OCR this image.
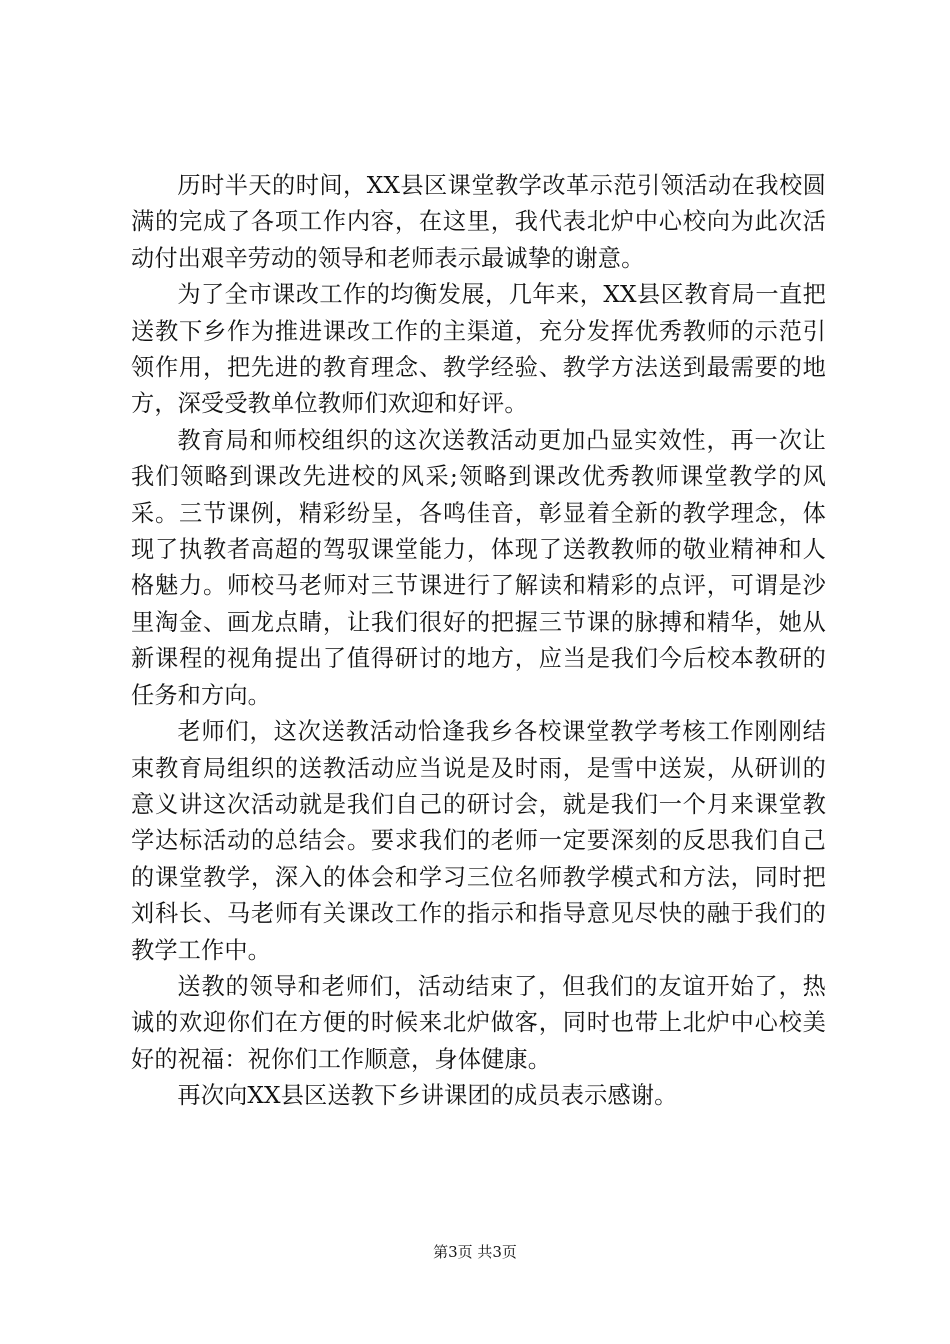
历时半天的时间，XX县区课堂教学改革示范引领活动在我校圆满的完成了各项工作内容，在这里，我代表北炉中心校向为此次活动付出艰辛劳动的领导和老师表示最诚挚的谢意。

为了全市课改工作的均衡发展，几年来，XX县区教育局一直把送教下乡作为推进课改工作的主渠道，充分发挥优秀教师的示范引领作用，把先进的教育理念、教学经验、教学方法送到最需要的地方，深受受教单位教师们欢迎和好评。

教育局和师校组织的这次送教活动更加凸显实效性，再一次让我们领略到课改先进校的风采;领略到课改优秀教师课堂教学的风采。三节课例，精彩纷呈，各鸣佳音，彰显着全新的教学理念，体现了执教者高超的驾驭课堂能力，体现了送教教师的敬业精神和人格魅力。师校马老师对三节课进行了解读和精彩的点评，可谓是沙里淘金、画龙点睛，让我们很好的把握三节课的脉搏和精华，她从新课程的视角提出了值得研讨的地方，应当是我们今后校本教研的任务和方向。

老师们，这次送教活动恰逢我乡各校课堂教学考核工作刚刚结束教育局组织的送教活动应当说是及时雨，是雪中送炭，从研训的意义讲这次活动就是我们自己的研讨会，就是我们一个月来课堂教学达标活动的总结会。要求我们的老师一定要深刻的反思我们自己的课堂教学，深入的体会和学习三位名师教学模式和方法，同时把刘科长、马老师有关课改工作的指示和指导意见尽快的融于我们的教学工作中。

送教的领导和老师们，活动结束了，但我们的友谊开始了，热诚的欢迎你们在方便的时候来北炉做客，同时也带上北炉中心校美好的祝福：祝你们工作顺意，身体健康。

再次向XX县区送教下乡讲课团的成员表示感谢。

第3页 共3页
